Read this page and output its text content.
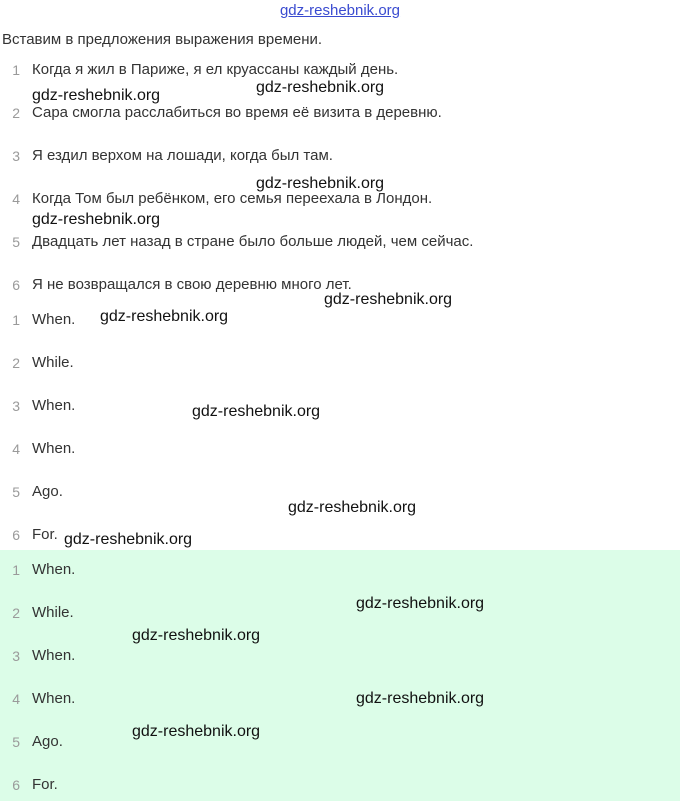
gdz-reshebnik.org
Вставим в предложения выражения времени.
1 Когда я жил в Париже, я ел круассаны каждый день.
2 Сара смогла расслабиться во время её визита в деревню.
3 Я ездил верхом на лошади, когда был там.
4 Когда Том был ребёнком, его семья переехала в Лондон.
5 Двадцать лет назад в стране было больше людей, чем сейчас.
6 Я не возвращался в свою деревню много лет.
1 When.
2 While.
3 When.
4 When.
5 Ago.
6 For.
1 When.
2 While.
3 When.
4 When.
5 Ago.
6 For.
gdz-reshebnik.org
gdz-reshebnik.org
gdz-reshebnik.org
gdz-reshebnik.org
gdz-reshebnik.org
gdz-reshebnik.org
gdz-reshebnik.org
gdz-reshebnik.org
gdz-reshebnik.org
gdz-reshebnik.org
gdz-reshebnik.org
gdz-reshebnik.org
gdz-reshebnik.org
